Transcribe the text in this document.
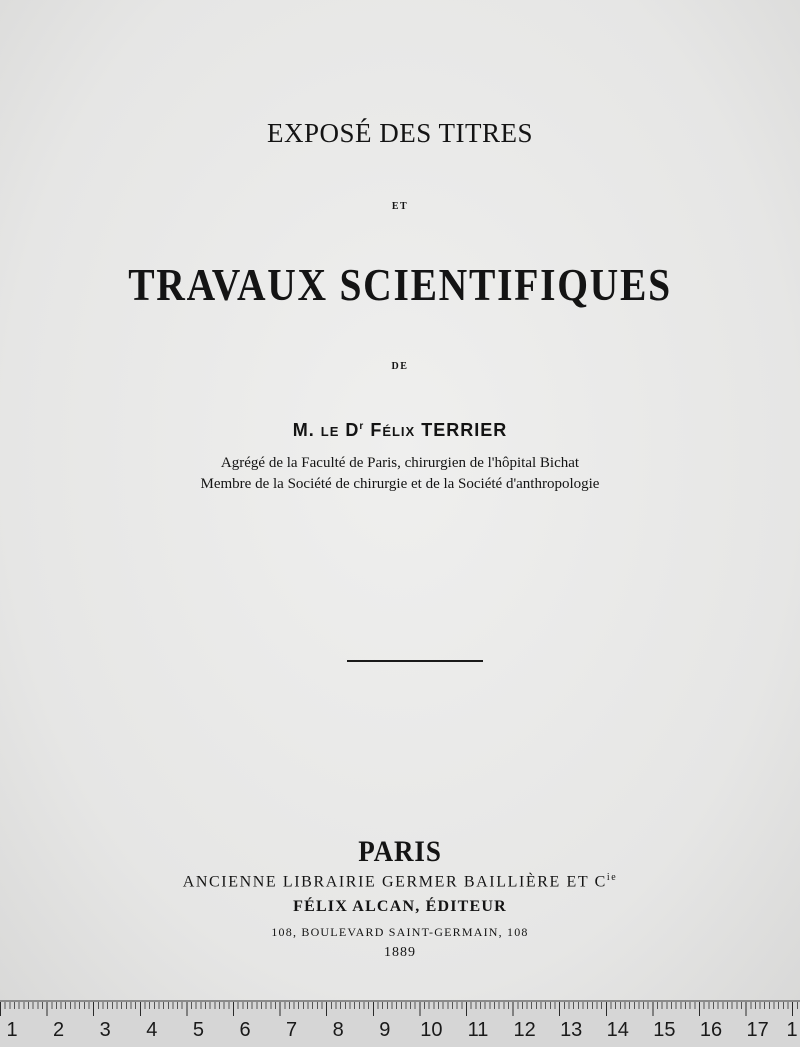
EXPOSÉ DES TITRES
ET
TRAVAUX SCIENTIFIQUES
DE
M. LE $D^r$ FÉLIX TERRIER
Agrégé de la Faculté de Paris, chirurgien de l'hôpital Bichat
Membre de la Société de chirurgie et de la Société d'anthropologie
PARIS
ANCIENNE LIBRAIRIE GERMER BAILLIÈRE ET $C^{ie}$
FÉLIX ALCAN, ÉDITEUR
108, BOULEVARD SAINT-GERMAIN, 108
1889
1 2 3 4 5 6 7 8 9 10 11 12 13 14 15 16 17 1
